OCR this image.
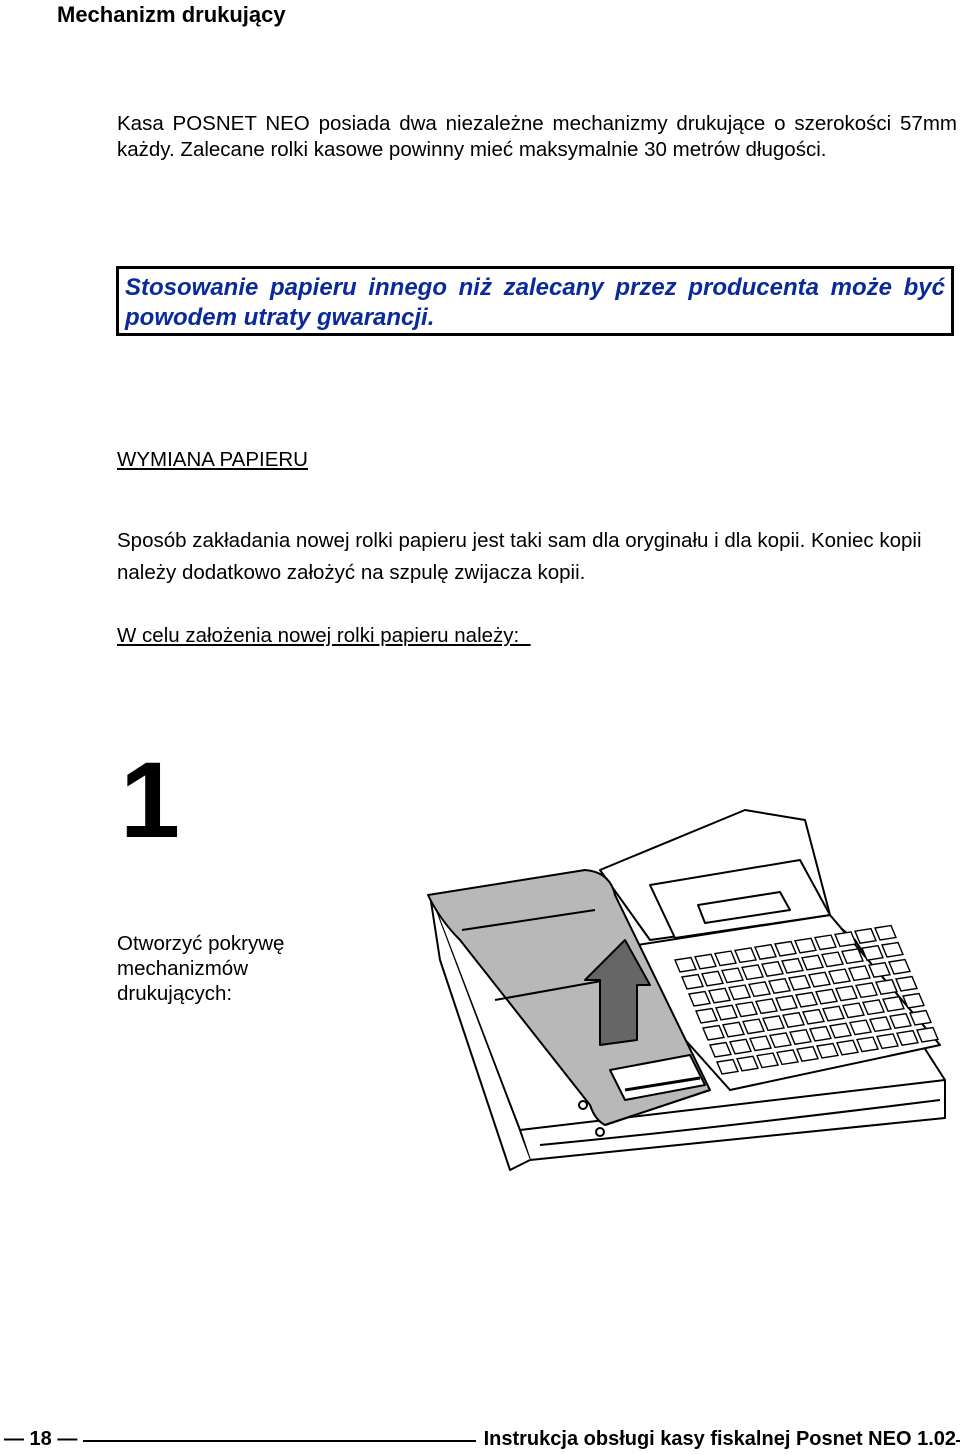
Mechanizm drukujący

Kasa POSNET NEO posiada dwa niezależne mechanizmy drukujące o szerokości 57mm każdy. Zalecane rolki kasowe powinny mieć maksymalnie 30 metrów długości.

Stosowanie papieru innego niż zalecany przez producenta może być powodem utraty gwarancji.
WYMIANA PAPIERU

Sposób zakładania nowej rolki papieru jest taki sam dla oryginału i dla kopii. Koniec kopii należy dodatkowo założyć na szpulę zwijacza kopii.

W celu założenia nowej rolki papieru należy:
1

Otworzyć pokrywę mechanizmów drukujących:

— 18 —	Instrukcja obsługi kasy fiskalnej Posnet NEO 1.02
